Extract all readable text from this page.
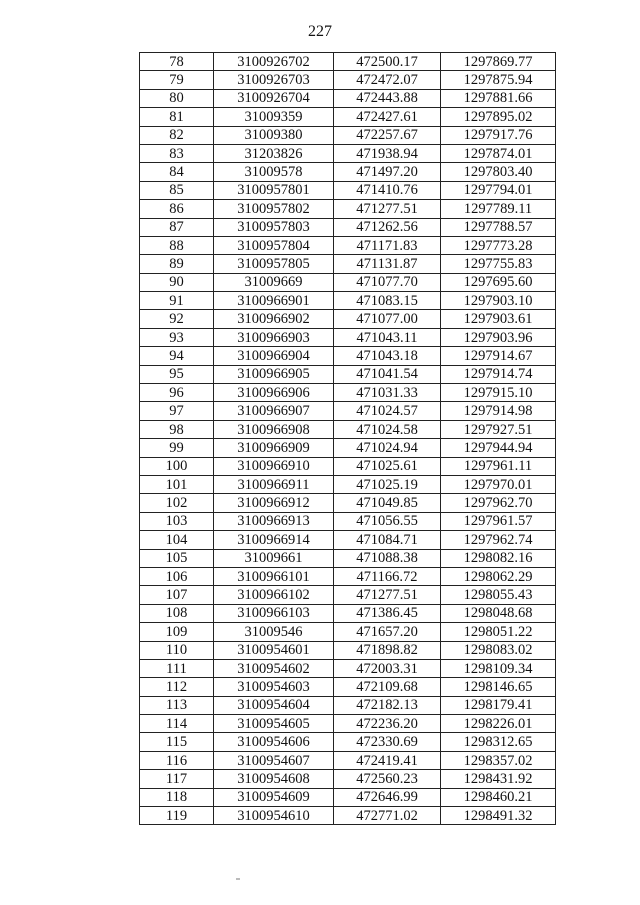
227
78	3100926702	472500.17	1297869.77
79	3100926703	472472.07	1297875.94
80	3100926704	472443.88	1297881.66
81	31009359	472427.61	1297895.02
82	31009380	472257.67	1297917.76
83	31203826	471938.94	1297874.01
84	31009578	471497.20	1297803.40
85	3100957801	471410.76	1297794.01
86	3100957802	471277.51	1297789.11
87	3100957803	471262.56	1297788.57
88	3100957804	471171.83	1297773.28
89	3100957805	471131.87	1297755.83
90	31009669	471077.70	1297695.60
91	3100966901	471083.15	1297903.10
92	3100966902	471077.00	1297903.61
93	3100966903	471043.11	1297903.96
94	3100966904	471043.18	1297914.67
95	3100966905	471041.54	1297914.74
96	3100966906	471031.33	1297915.10
97	3100966907	471024.57	1297914.98
98	3100966908	471024.58	1297927.51
99	3100966909	471024.94	1297944.94
100	3100966910	471025.61	1297961.11
101	3100966911	471025.19	1297970.01
102	3100966912	471049.85	1297962.70
103	3100966913	471056.55	1297961.57
104	3100966914	471084.71	1297962.74
105	31009661	471088.38	1298082.16
106	3100966101	471166.72	1298062.29
107	3100966102	471277.51	1298055.43
108	3100966103	471386.45	1298048.68
109	31009546	471657.20	1298051.22
110	3100954601	471898.82	1298083.02
111	3100954602	472003.31	1298109.34
112	3100954603	472109.68	1298146.65
113	3100954604	472182.13	1298179.41
114	3100954605	472236.20	1298226.01
115	3100954606	472330.69	1298312.65
116	3100954607	472419.41	1298357.02
117	3100954608	472560.23	1298431.92
118	3100954609	472646.99	1298460.21
119	3100954610	472771.02	1298491.32
